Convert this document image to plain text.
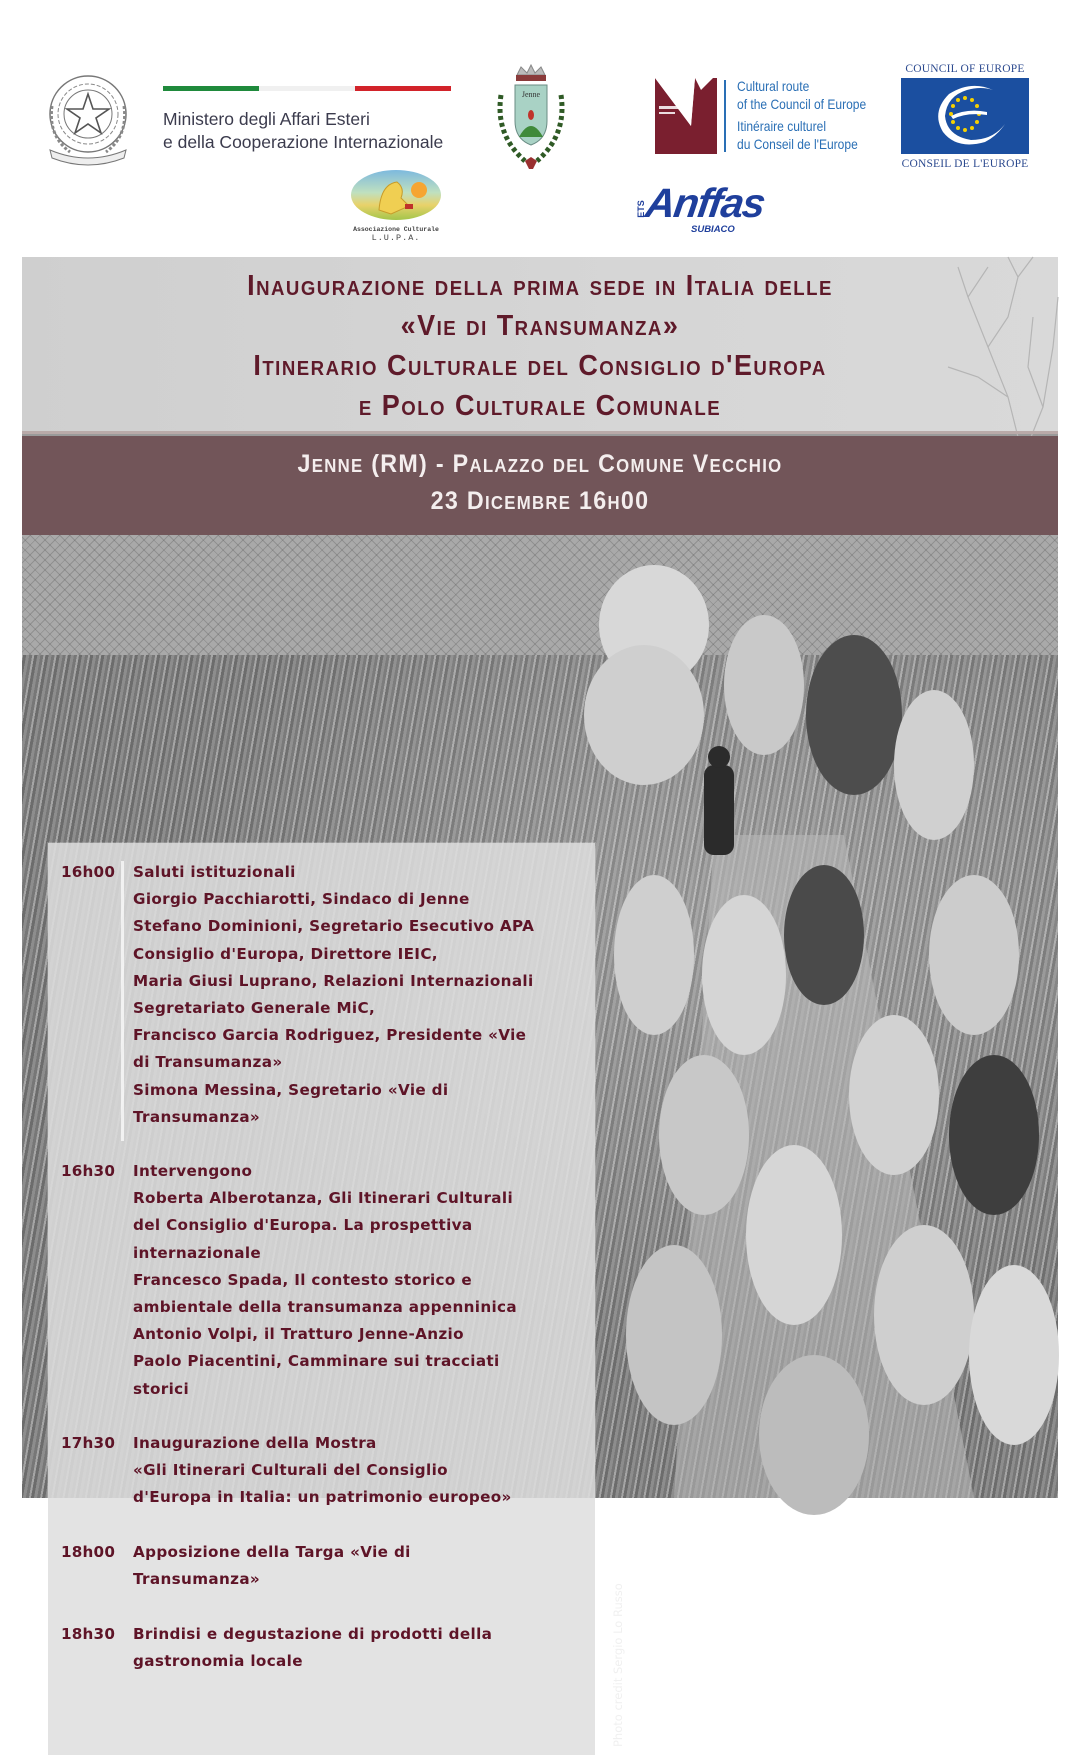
Ministero degli Affari Esteri
e della Cooperazione Internazionale
Jenne
Cultural route
of the Council of Europe
Itinéraire culturel
du Conseil de l'Europe
COUNCIL OF EUROPE
CONSEIL DE L'EUROPE
Associazione Culturale
L.U.P.A.
ETS
Anffas
SUBIACO
Inaugurazione della prima sede in Italia delle
«Vie di Transumanza»
Itinerario Culturale del Consiglio d'Europa
e Polo Culturale Comunale
Jenne (RM) - Palazzo del Comune Vecchio
23 Dicembre 16h00
16h00 Saluti istituzionali
Giorgio Pacchiarotti, Sindaco di Jenne
Stefano Dominioni, Segretario Esecutivo APA
Consiglio d'Europa, Direttore IEIC,
Maria Giusi Luprano, Relazioni Internazionali
Segretariato Generale MiC,
Francisco Garcia Rodriguez, Presidente «Vie
di Transumanza»
Simona Messina, Segretario «Vie di
Transumanza»
16h30 Intervengono
Roberta Alberotanza, Gli Itinerari Culturali
del Consiglio d'Europa. La prospettiva
internazionale
Francesco Spada, Il contesto storico e
ambientale della transumanza appenninica
Antonio Volpi, il Tratturo Jenne-Anzio
Paolo Piacentini, Camminare sui tracciati
storici
17h30 Inaugurazione della Mostra
«Gli Itinerari Culturali del Consiglio
d'Europa in Italia: un patrimonio europeo»
18h00 Apposizione della Targa «Vie di
Transumanza»
18h30 Brindisi e degustazione di prodotti della
gastronomia locale	Photo credit Sergio Lo Russo
